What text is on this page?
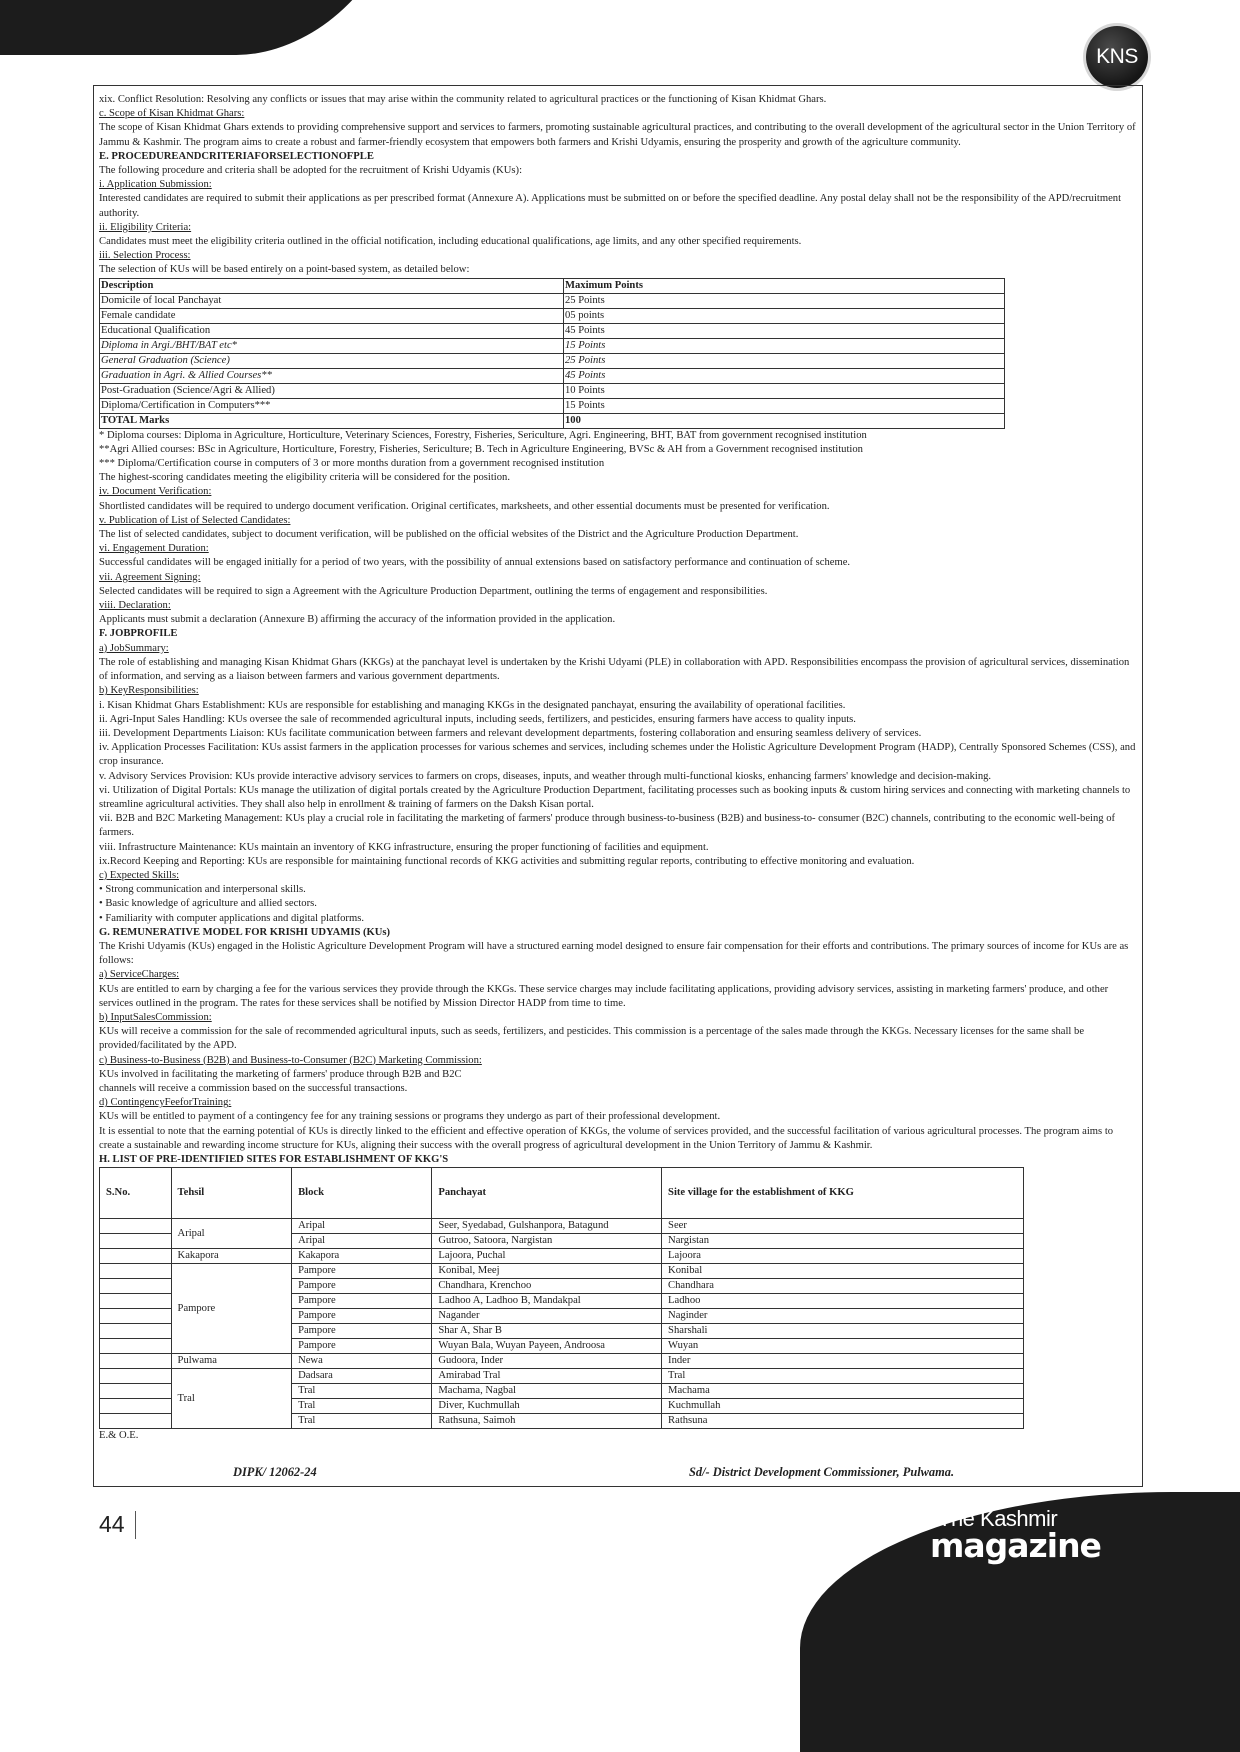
KNS

xix. Conflict Resolution: Resolving any conflicts or issues that may arise within the community related to agricultural practices or the functioning of Kisan Khidmat Ghars.

c. Scope of Kisan Khidmat Ghars:

The scope of Kisan Khidmat Ghars extends to providing comprehensive support and services to farmers, promoting sustainable agricultural practices, and contributing to the overall development of the agricultural sector in the Union Territory of Jammu & Kashmir. The program aims to create a robust and farmer-friendly ecosystem that empowers both farmers and Krishi Udyamis, ensuring the prosperity and growth of the agriculture community.

E. PROCEDUREANDCRITERIAFORSELECTIONOFPLE

The following procedure and criteria shall be adopted for the recruitment of Krishi Udyamis (KUs):

i. Application Submission:

Interested candidates are required to submit their applications as per prescribed format (Annexure A). Applications must be submitted on or before the specified deadline. Any postal delay shall not be the responsibility of the APD/recruitment authority.

ii. Eligibility Criteria:

Candidates must meet the eligibility criteria outlined in the official notification, including educational qualifications, age limits, and any other specified requirements.

iii. Selection Process:

The selection of KUs will be based entirely on a point-based system, as detailed below:

Description	Maximum Points
Domicile of local Panchayat	25 Points
Female candidate	05 points
Educational Qualification	45 Points
Diploma in Argi./BHT/BAT etc*	15 Points
General Graduation (Science)	25 Points
Graduation in Agri. & Allied Courses**	45 Points
Post-Graduation (Science/Agri & Allied)	10 Points
Diploma/Certification in Computers***	15 Points
TOTAL Marks	100

* Diploma courses: Diploma in Agriculture, Horticulture, Veterinary Sciences, Forestry, Fisheries, Sericulture, Agri. Engineering, BHT, BAT from government recognised institution

**Agri Allied courses: BSc in Agriculture, Horticulture, Forestry, Fisheries, Sericulture; B. Tech in Agriculture Engineering, BVSc & AH from a Government recognised institution

*** Diploma/Certification course in computers of 3 or more months duration from a government recognised institution

The highest-scoring candidates meeting the eligibility criteria will be considered for the position.

iv. Document Verification:

Shortlisted candidates will be required to undergo document verification. Original certificates, marksheets, and other essential documents must be presented for verification.

v. Publication of List of Selected Candidates:

The list of selected candidates, subject to document verification, will be published on the official websites of the District and the Agriculture Production Department.

vi. Engagement Duration:

Successful candidates will be engaged initially for a period of two years, with the possibility of annual extensions based on satisfactory performance and continuation of scheme.

vii. Agreement Signing:

Selected candidates will be required to sign a Agreement with the Agriculture Production Department, outlining the terms of engagement and responsibilities.

viii. Declaration:

Applicants must submit a declaration (Annexure B) affirming the accuracy of the information provided in the application.

F. JOBPROFILE

a) JobSummary:

The role of establishing and managing Kisan Khidmat Ghars (KKGs) at the panchayat level is undertaken by the Krishi Udyami (PLE) in collaboration with APD. Responsibilities encompass the provision of agricultural services, dissemination of information, and serving as a liaison between farmers and various government departments.

b) KeyResponsibilities:

i. Kisan Khidmat Ghars Establishment: KUs are responsible for establishing and managing KKGs in the designated panchayat, ensuring the availability of operational facilities.

ii. Agri-Input Sales Handling: KUs oversee the sale of recommended agricultural inputs, including seeds, fertilizers, and pesticides, ensuring farmers have access to quality inputs.

iii. Development Departments Liaison: KUs facilitate communication between farmers and relevant development departments, fostering collaboration and ensuring seamless delivery of services.

iv. Application Processes Facilitation: KUs assist farmers in the application processes for various schemes and services, including schemes under the Holistic Agriculture Development Program (HADP), Centrally Sponsored Schemes (CSS), and crop insurance.

v. Advisory Services Provision: KUs provide interactive advisory services to farmers on crops, diseases, inputs, and weather through multi-functional kiosks, enhancing farmers' knowledge and decision-making.

vi. Utilization of Digital Portals: KUs manage the utilization of digital portals created by the Agriculture Production Department, facilitating processes such as booking inputs & custom hiring services and connecting with marketing channels to streamline agricultural activities. They shall also help in enrollment & training of farmers on the Daksh Kisan portal.

vii. B2B and B2C Marketing Management: KUs play a crucial role in facilitating the marketing of farmers' produce through business-to-business (B2B) and business-to- consumer (B2C) channels, contributing to the economic well-being of farmers.

viii. Infrastructure Maintenance: KUs maintain an inventory of KKG infrastructure, ensuring the proper functioning of facilities and equipment.

ix.Record Keeping and Reporting: KUs are responsible for maintaining functional records of KKG activities and submitting regular reports, contributing to effective monitoring and evaluation.

c) Expected Skills:

• Strong communication and interpersonal skills.

• Basic knowledge of agriculture and allied sectors.

• Familiarity with computer applications and digital platforms.

G. REMUNERATIVE MODEL FOR KRISHI UDYAMIS (KUs)

The Krishi Udyamis (KUs) engaged in the Holistic Agriculture Development Program will have a structured earning model designed to ensure fair compensation for their efforts and contributions. The primary sources of income for KUs are as follows:

a) ServiceCharges:

KUs are entitled to earn by charging a fee for the various services they provide through the KKGs. These service charges may include facilitating applications, providing advisory services, assisting in marketing farmers' produce, and other services outlined in the program. The rates for these services shall be notified by Mission Director HADP from time to time.

b) InputSalesCommission:

KUs will receive a commission for the sale of recommended agricultural inputs, such as seeds, fertilizers, and pesticides. This commission is a percentage of the sales made through the KKGs. Necessary licenses for the same shall be provided/facilitated by the APD.

c) Business-to-Business (B2B) and Business-to-Consumer (B2C) Marketing Commission:

KUs involved in facilitating the marketing of farmers' produce through B2B and B2C

channels will receive a commission based on the successful transactions.

d) ContingencyFeeforTraining:

KUs will be entitled to payment of a contingency fee for any training sessions or programs they undergo as part of their professional development.

It is essential to note that the earning potential of KUs is directly linked to the efficient and effective operation of KKGs, the volume of services provided, and the successful facilitation of various agricultural processes. The program aims to create a sustainable and rewarding income structure for KUs, aligning their success with the overall progress of agricultural development in the Union Territory of Jammu & Kashmir.

H. LIST OF PRE-IDENTIFIED SITES FOR ESTABLISHMENT OF KKG'S

S.No.	Tehsil	Block	Panchayat	Site village for the establishment of KKG
	Aripal	Aripal	Seer, Syedabad, Gulshanpora, Batagund	Seer
		Aripal	Gutroo, Satoora, Nargistan	Nargistan
	Kakapora	Kakapora	Lajoora, Puchal	Lajoora
	Pampore	Pampore	Konibal, Meej	Konibal
		Pampore	Chandhara, Krenchoo	Chandhara
		Pampore	Ladhoo A, Ladhoo B, Mandakpal	Ladhoo
		Pampore	Nagander	Naginder
		Pampore	Shar A, Shar B	Sharshali
		Pampore	Wuyan Bala, Wuyan Payeen, Androosa	Wuyan
	Pulwama	Newa	Gudoora, Inder	Inder
	Tral	Dadsara	Amirabad Tral	Tral
		Tral	Machama, Nagbal	Machama
		Tral	Diver, Kuchmullah	Kuchmullah
		Tral	Rathsuna, Saimoh	Rathsuna

E.& O.E.

DIPK/ 12062-24	Sd/- District Development Commissioner, Pulwama.
44	The Kashmir
magazine
